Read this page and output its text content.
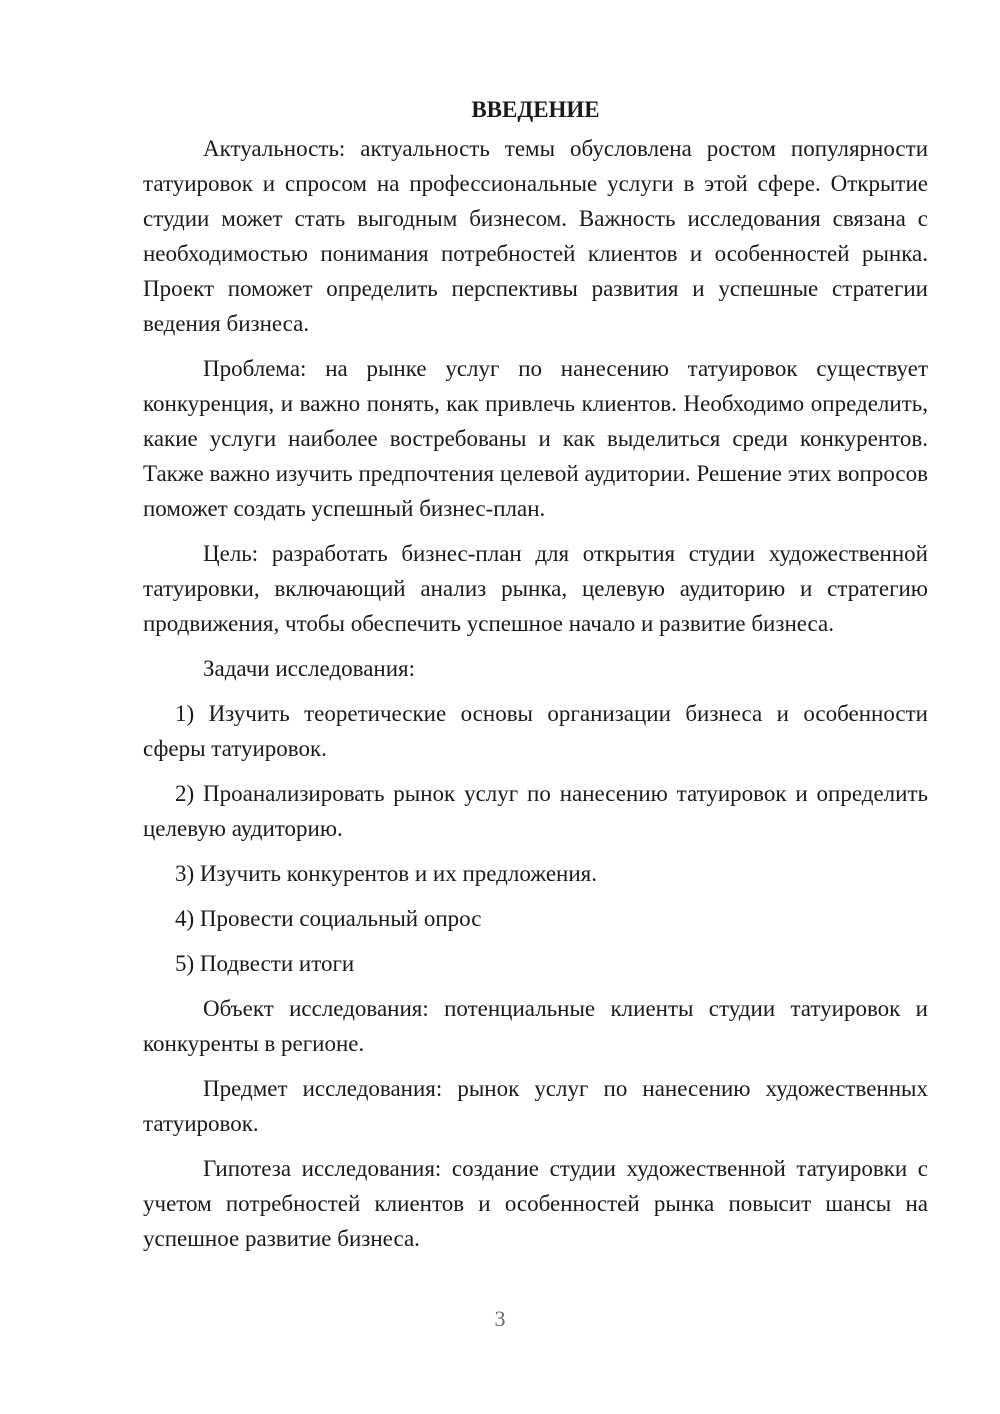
ВВЕДЕНИЕ

Актуальность: актуальность темы обусловлена ростом популярности татуировок и спросом на профессиональные услуги в этой сфере. Открытие студии может стать выгодным бизнесом. Важность исследования связана с необходимостью понимания потребностей клиентов и особенностей рынка. Проект поможет определить перспективы развития и успешные стратегии ведения бизнеса.

Проблема: на рынке услуг по нанесению татуировок существует конкуренция, и важно понять, как привлечь клиентов. Необходимо определить, какие услуги наиболее востребованы и как выделиться среди конкурентов. Также важно изучить предпочтения целевой аудитории. Решение этих вопросов поможет создать успешный бизнес-план.

Цель: разработать бизнес-план для открытия студии художественной татуировки, включающий анализ рынка, целевую аудиторию и стратегию продвижения, чтобы обеспечить успешное начало и развитие бизнеса.

Задачи исследования:

1) Изучить теоретические основы организации бизнеса и особенности сферы татуировок.

2) Проанализировать рынок услуг по нанесению татуировок и определить целевую аудиторию.

3) Изучить конкурентов и их предложения.

4) Провести социальный опрос

5) Подвести итоги

Объект исследования: потенциальные клиенты студии татуировок и конкуренты в регионе.

Предмет исследования: рынок услуг по нанесению художественных татуировок.

Гипотеза исследования: создание студии художественной татуировки с учетом потребностей клиентов и особенностей рынка повысит шансы на успешное развитие бизнеса.

3
